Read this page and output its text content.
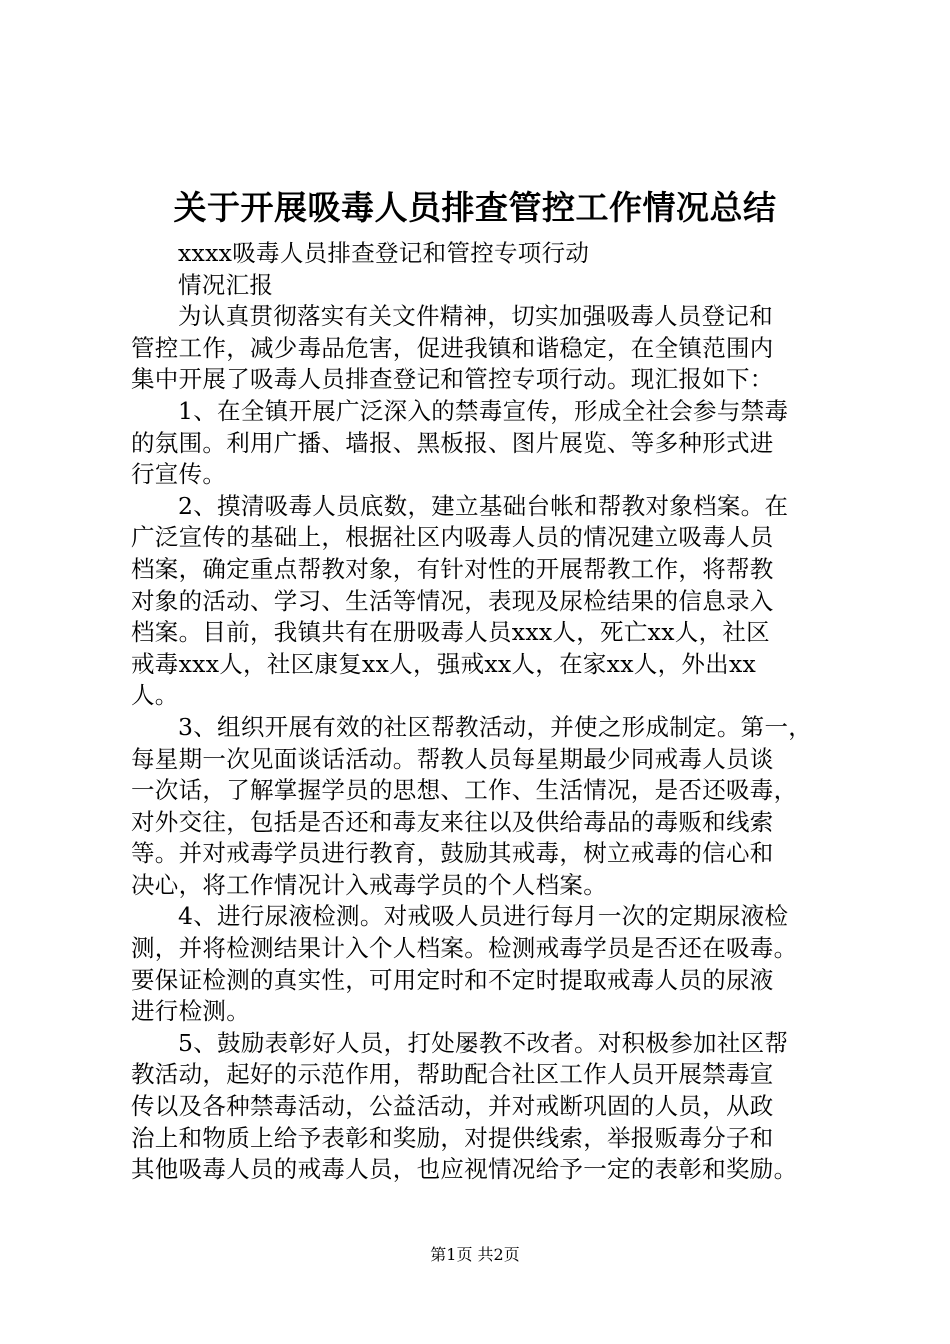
关于开展吸毒人员排查管控工作情况总结
xxxx吸毒人员排查登记和管控专项行动
情况汇报
为认真贯彻落实有关文件精神，切实加强吸毒人员登记和
管控工作，减少毒品危害，促进我镇和谐稳定，在全镇范围内
集中开展了吸毒人员排查登记和管控专项行动。现汇报如下：
1、在全镇开展广泛深入的禁毒宣传，形成全社会参与禁毒
的氛围。利用广播、墙报、黑板报、图片展览、等多种形式进
行宣传。
2、摸清吸毒人员底数，建立基础台帐和帮教对象档案。在
广泛宣传的基础上，根据社区内吸毒人员的情况建立吸毒人员
档案，确定重点帮教对象，有针对性的开展帮教工作，将帮教
对象的活动、学习、生活等情况，表现及尿检结果的信息录入
档案。目前，我镇共有在册吸毒人员xxx人，死亡xx人，社区
戒毒xxx人，社区康复xx人，强戒xx人，在家xx人，外出xx
人。
3、组织开展有效的社区帮教活动，并使之形成制定。第一，
每星期一次见面谈话活动。帮教人员每星期最少同戒毒人员谈
一次话，了解掌握学员的思想、工作、生活情况，是否还吸毒，
对外交往，包括是否还和毒友来往以及供给毒品的毒贩和线索
等。并对戒毒学员进行教育，鼓励其戒毒，树立戒毒的信心和
决心，将工作情况计入戒毒学员的个人档案。
4、进行尿液检测。对戒吸人员进行每月一次的定期尿液检
测，并将检测结果计入个人档案。检测戒毒学员是否还在吸毒。
要保证检测的真实性，可用定时和不定时提取戒毒人员的尿液
进行检测。
5、鼓励表彰好人员，打处屡教不改者。对积极参加社区帮
教活动，起好的示范作用，帮助配合社区工作人员开展禁毒宣
传以及各种禁毒活动，公益活动，并对戒断巩固的人员，从政
治上和物质上给予表彰和奖励，对提供线索，举报贩毒分子和
其他吸毒人员的戒毒人员，也应视情况给予一定的表彰和奖励。
第1页 共2页
